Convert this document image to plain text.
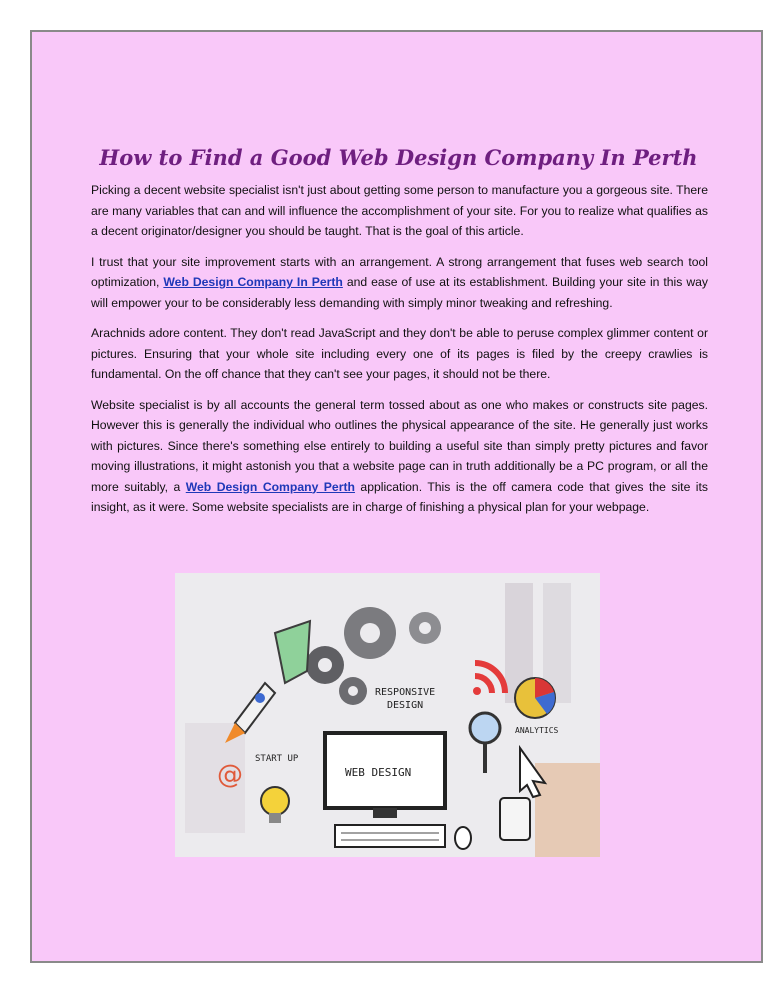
How to Find a Good Web Design Company In Perth

Picking a decent website specialist isn't just about getting some person to manufacture you a gorgeous site. There are many variables that can and will influence the accomplishment of your site. For you to realize what qualifies as a decent originator/designer you should be taught. That is the goal of this article.

I trust that your site improvement starts with an arrangement. A strong arrangement that fuses web search tool optimization, Web Design Company In Perth and ease of use at its establishment. Building your site in this way will empower your to be considerably less demanding with simply minor tweaking and refreshing.

Arachnids adore content. They don't read JavaScript and they don't be able to peruse complex glimmer content or pictures. Ensuring that your whole site including every one of its pages is filed by the creepy crawlies is fundamental. On the off chance that they can't see your pages, it should not be there.

Website specialist is by all accounts the general term tossed about as one who makes or constructs site pages. However this is generally the individual who outlines the physical appearance of the site. He generally just works with pictures. Since there's something else entirely to building a useful site than simply pretty pictures and favor moving illustrations, it might astonish you that a website page can in truth additionally be a PC program, or all the more suitably, a Web Design Company Perth application. This is the off camera code that gives the site its insight, as it were. Some website specialists are in charge of finishing a physical plan for your webpage.

RESPONSIVE
DESIGN
ANALYTICS
START UP
@	WEB DESIGN
